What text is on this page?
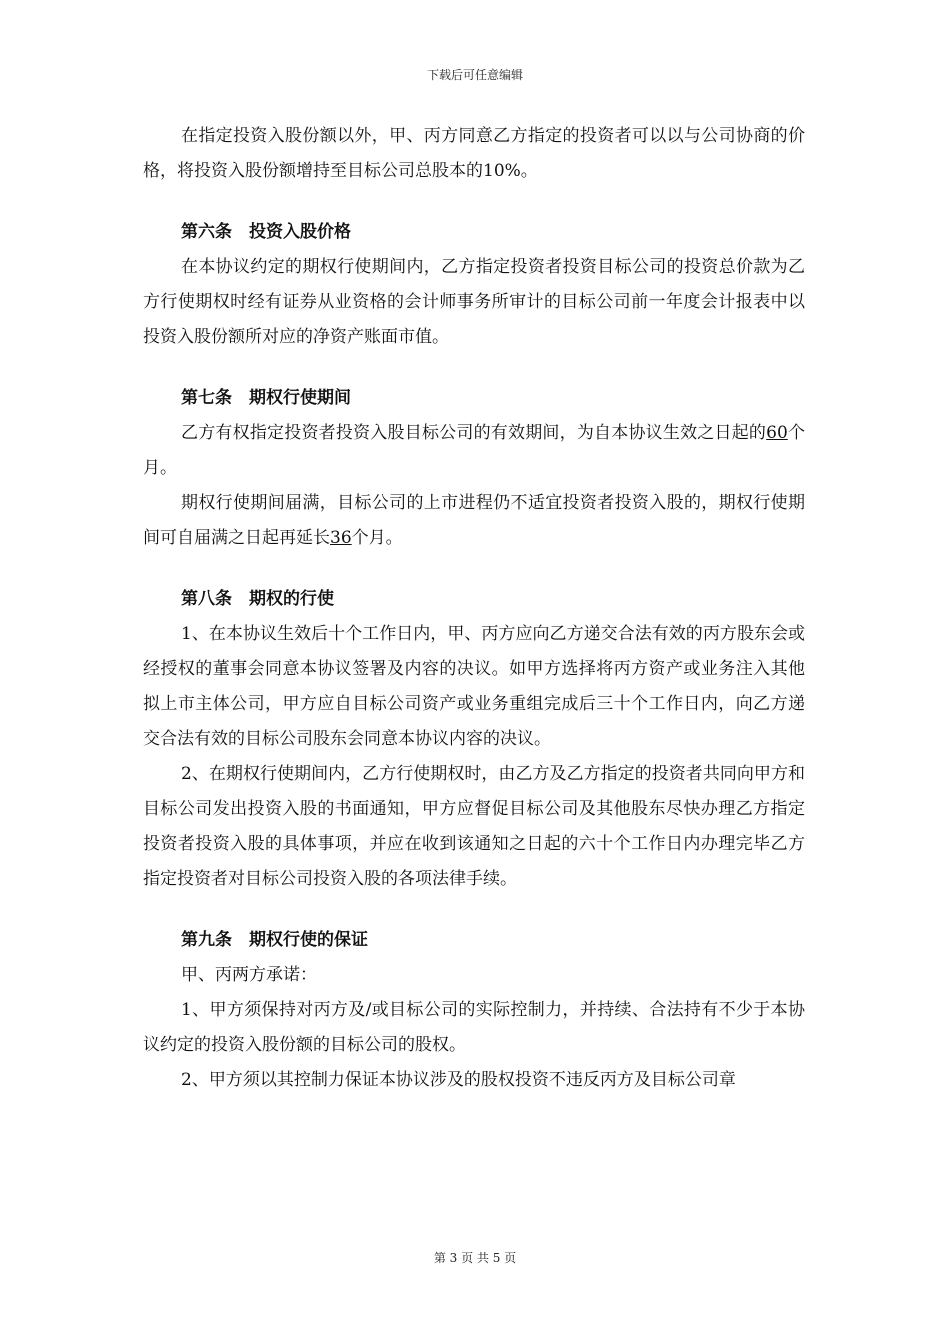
下载后可任意编辑

在指定投资入股份额以外，甲、丙方同意乙方指定的投资者可以以与公司协商的价格，将投资入股份额增持至目标公司总股本的10%。

第六条　投资入股价格

在本协议约定的期权行使期间内，乙方指定投资者投资目标公司的投资总价款为乙方行使期权时经有证券从业资格的会计师事务所审计的目标公司前一年度会计报表中以投资入股份额所对应的净资产账面市值。

第七条　期权行使期间

乙方有权指定投资者投资入股目标公司的有效期间，为自本协议生效之日起的60个月。

期权行使期间届满，目标公司的上市进程仍不适宜投资者投资入股的，期权行使期间可自届满之日起再延长36个月。

第八条　期权的行使

1、在本协议生效后十个工作日内，甲、丙方应向乙方递交合法有效的丙方股东会或经授权的董事会同意本协议签署及内容的决议。如甲方选择将丙方资产或业务注入其他拟上市主体公司，甲方应自目标公司资产或业务重组完成后三十个工作日内，向乙方递交合法有效的目标公司股东会同意本协议内容的决议。

2、在期权行使期间内，乙方行使期权时，由乙方及乙方指定的投资者共同向甲方和目标公司发出投资入股的书面通知，甲方应督促目标公司及其他股东尽快办理乙方指定投资者投资入股的具体事项，并应在收到该通知之日起的六十个工作日内办理完毕乙方指定投资者对目标公司投资入股的各项法律手续。

第九条　期权行使的保证

甲、丙两方承诺：

1、甲方须保持对丙方及/或目标公司的实际控制力，并持续、合法持有不少于本协议约定的投资入股份额的目标公司的股权。

2、甲方须以其控制力保证本协议涉及的股权投资不违反丙方及目标公司章

第 3 页 共 5 页
